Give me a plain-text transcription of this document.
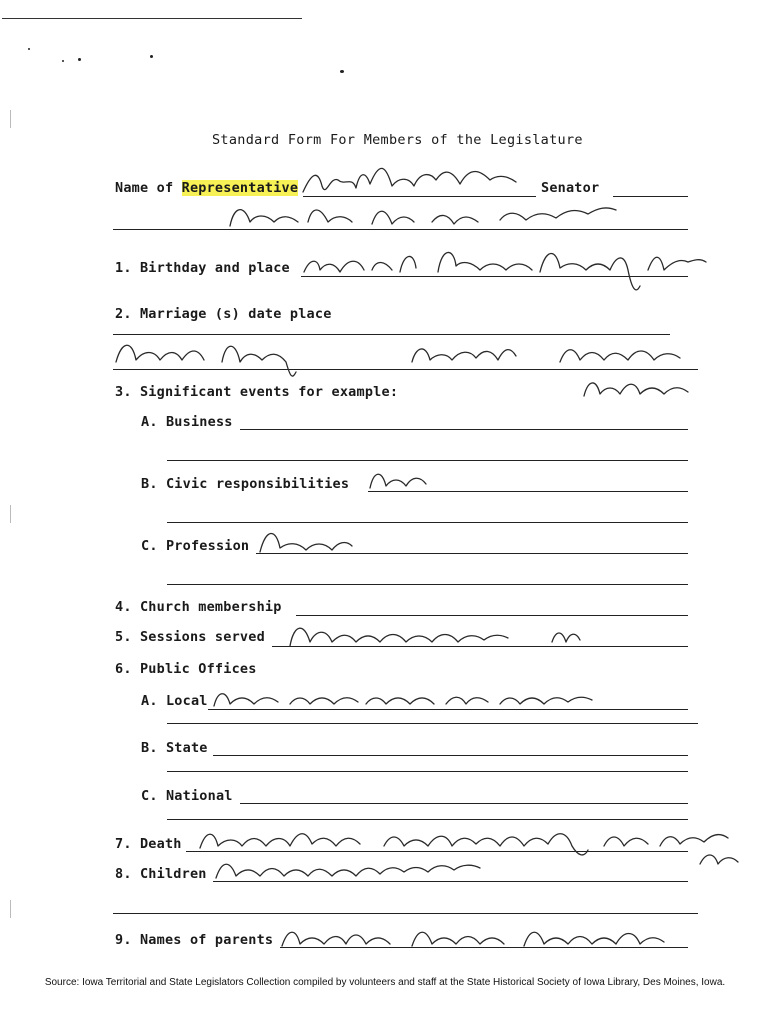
Standard Form For Members of the Legislature
Name of Representative	Senator
1. Birthday and place
2. Marriage (s) date place
3. Significant events for example:
A. Business
B. Civic responsibilities
C. Profession
4. Church membership
5. Sessions served
6. Public Offices
A. Local
B. State
C. National
7. Death
8. Children
9. Names of parents
Source: Iowa Territorial and State Legislators Collection compiled by volunteers and staff at the State Historical Society of Iowa Library, Des Moines, Iowa.
